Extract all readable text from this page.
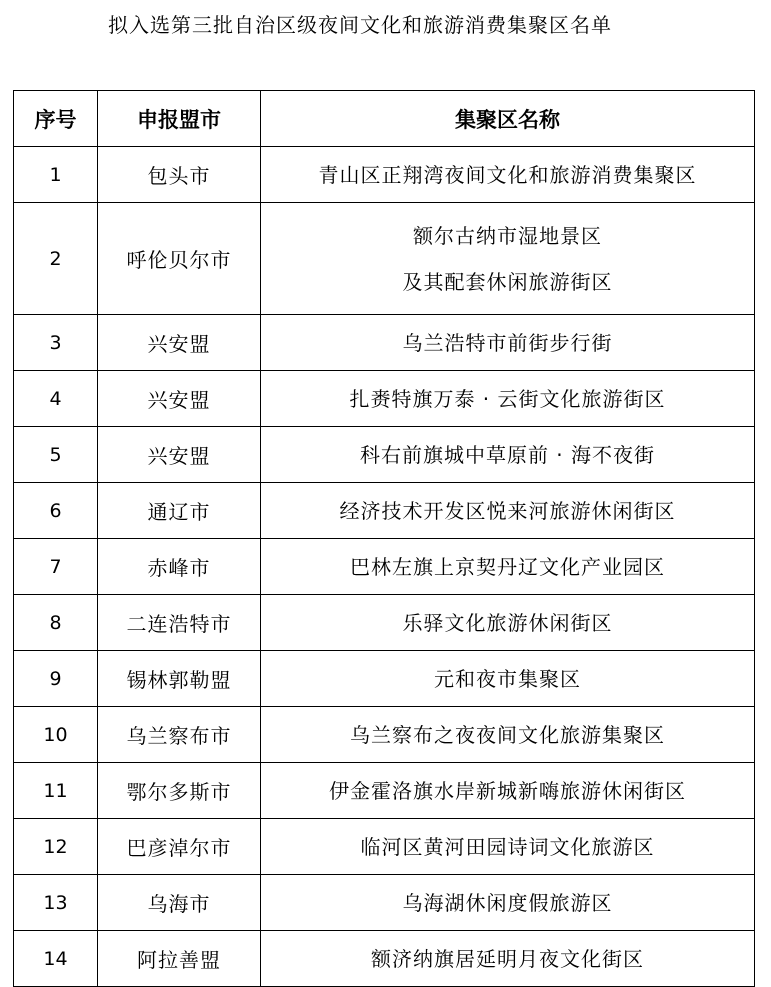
拟入选第三批自治区级夜间文化和旅游消费集聚区名单
序号	申报盟市	集聚区名称
1	包头市	青山区正翔湾夜间文化和旅游消费集聚区

2	呼伦贝尔市	额尔古纳市湿地景区
及其配套休闲旅游街区

3	兴安盟	乌兰浩特市前街步行街

4	兴安盟	扎赉特旗万泰 · 云街文化旅游街区

5	兴安盟	科右前旗城中草原前 · 海不夜街

6	通辽市	经济技术开发区悦来河旅游休闲街区

7	赤峰市	巴林左旗上京契丹辽文化产业园区

8	二连浩特市	乐驿文化旅游休闲街区

9	锡林郭勒盟	元和夜市集聚区

10	乌兰察布市	乌兰察布之夜夜间文化旅游集聚区

11	鄂尔多斯市	伊金霍洛旗水岸新城新嗨旅游休闲街区

12	巴彦淖尔市	临河区黄河田园诗词文化旅游区

13	乌海市	乌海湖休闲度假旅游区

14	阿拉善盟	额济纳旗居延明月夜文化街区
